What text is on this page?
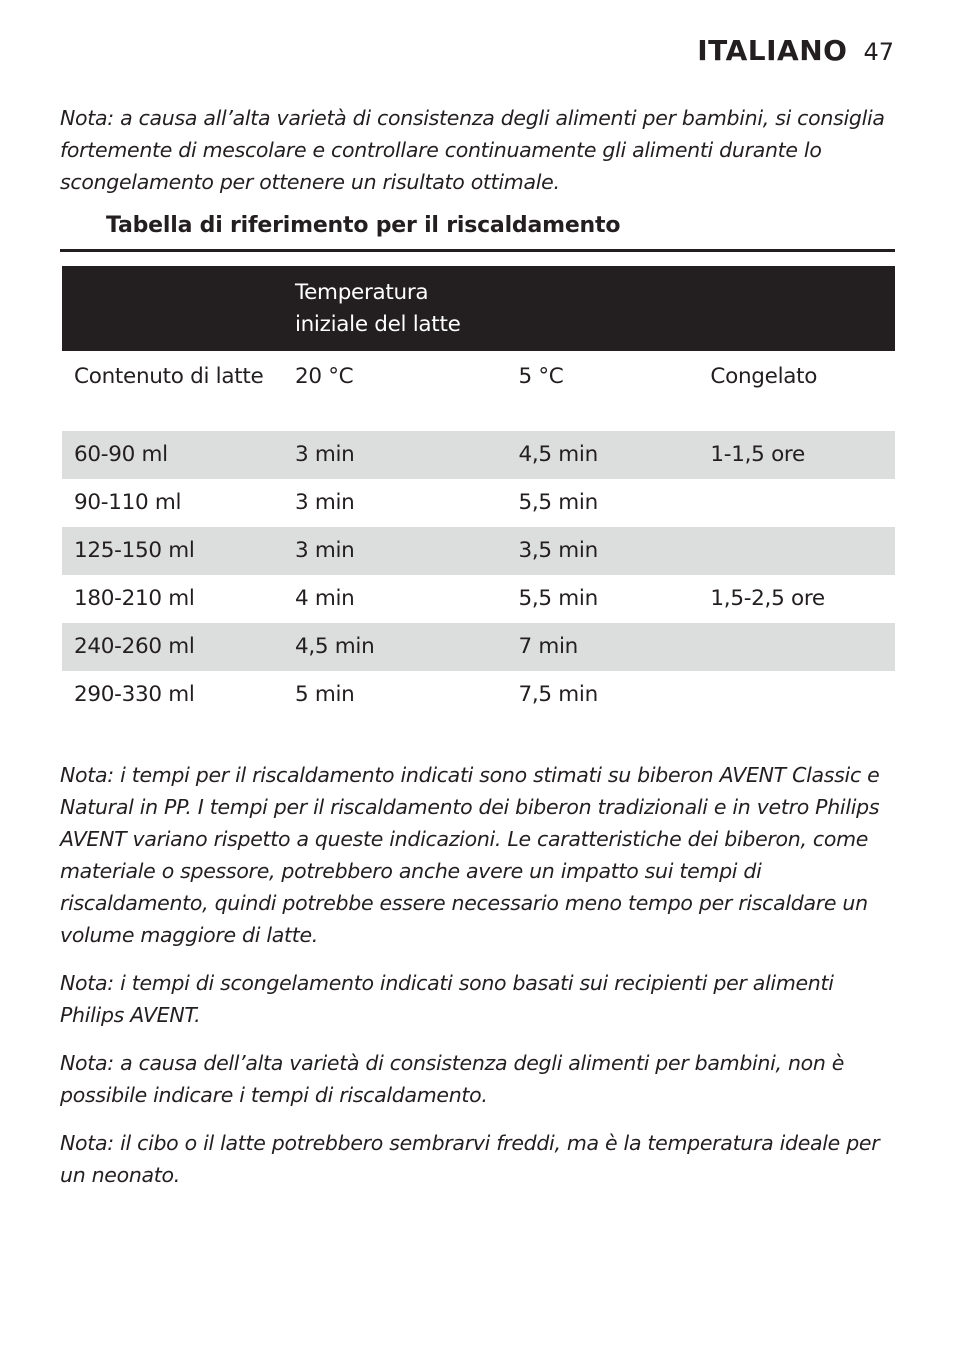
ITALIANO 47

Nota: a causa all’alta varietà di consistenza degli alimenti per bambini, si consiglia fortemente di mescolare e controllare continuamente gli alimenti durante lo scongelamento per ottenere un risultato ottimale.

Tabella di riferimento per il riscaldamento
	Temperatura iniziale del latte		
Contenuto di latte	20 °C	5 °C	Congelato
60-90 ml	3 min	4,5 min	1-1,5 ore
90-110 ml	3 min	5,5 min	
125-150 ml	3 min	3,5 min	
180-210 ml	4 min	5,5 min	1,5-2,5 ore
240-260 ml	4,5 min	7 min	
290-330 ml	5 min	7,5 min	

Nota: i tempi per il riscaldamento indicati sono stimati su biberon AVENT Classic e Natural in PP. I tempi per il riscaldamento dei biberon tradizionali e in vetro Philips AVENT variano rispetto a queste indicazioni. Le caratteristiche dei biberon, come materiale o spessore, potrebbero anche avere un impatto sui tempi di riscaldamento, quindi potrebbe essere necessario meno tempo per riscaldare un volume maggiore di latte.

Nota: i tempi di scongelamento indicati sono basati sui recipienti per alimenti Philips AVENT.

Nota: a causa dell’alta varietà di consistenza degli alimenti per bambini, non è possibile indicare i tempi di riscaldamento.

Nota: il cibo o il latte potrebbero sembrarvi freddi, ma è la temperatura ideale per un neonato.
